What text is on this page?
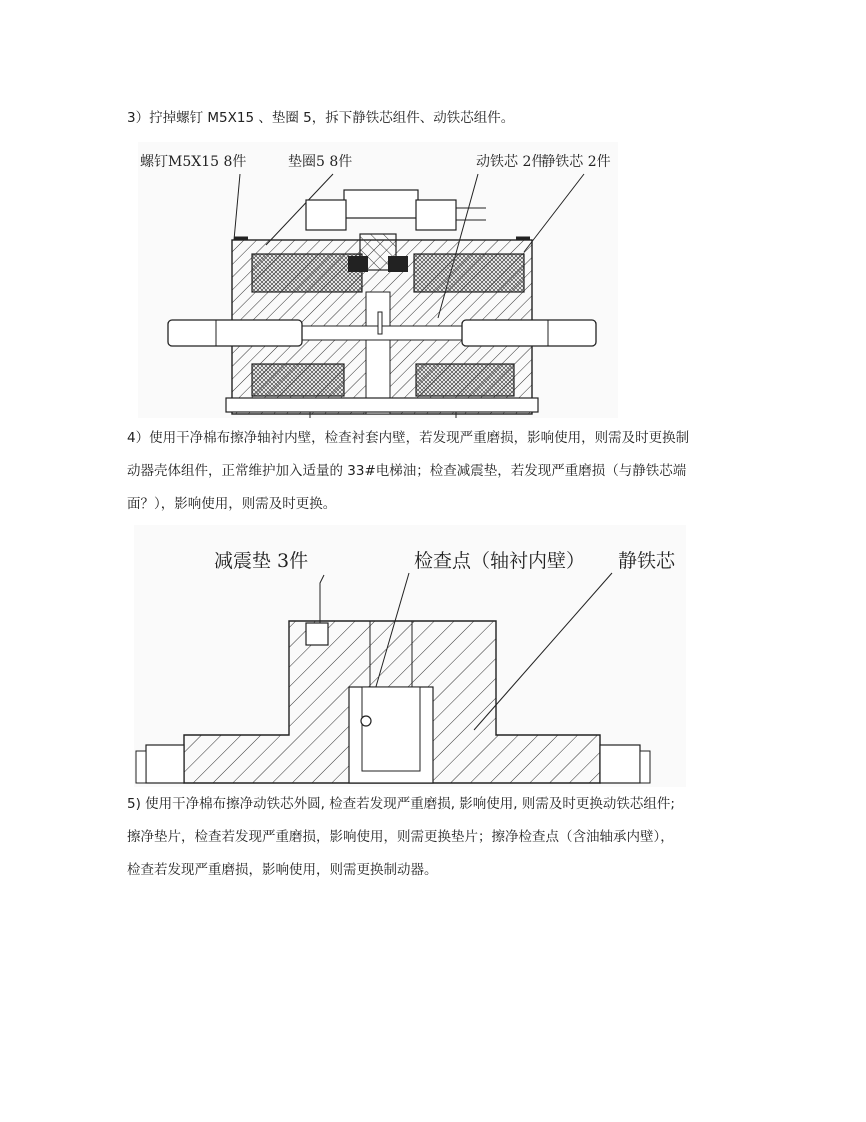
3）拧掉螺钉 M5X15 、垫圈 5，拆下静铁芯组件、动铁芯组件。

螺钉M5X15 8件	垫圈5 8件	动铁芯 2件
静铁芯 2件

4）使用干净棉布擦净轴衬内壁，检查衬套内壁，若发现严重磨损，影响使用，则需及时更换制
动器壳体组件，正常维护加入适量的 33#电梯油；检查减震垫，若发现严重磨损（与静铁芯端
面？），影响使用，则需及时更换。

减震垫 3件	检查点（轴衬内壁） 静铁芯

5) 使用干净棉布擦净动铁芯外圆, 检查若发现严重磨损, 影响使用, 则需及时更换动铁芯组件;
擦净垫片，检查若发现严重磨损，影响使用，则需更换垫片；擦净检查点（含油轴承内壁），
检查若发现严重磨损，影响使用，则需更换制动器。
